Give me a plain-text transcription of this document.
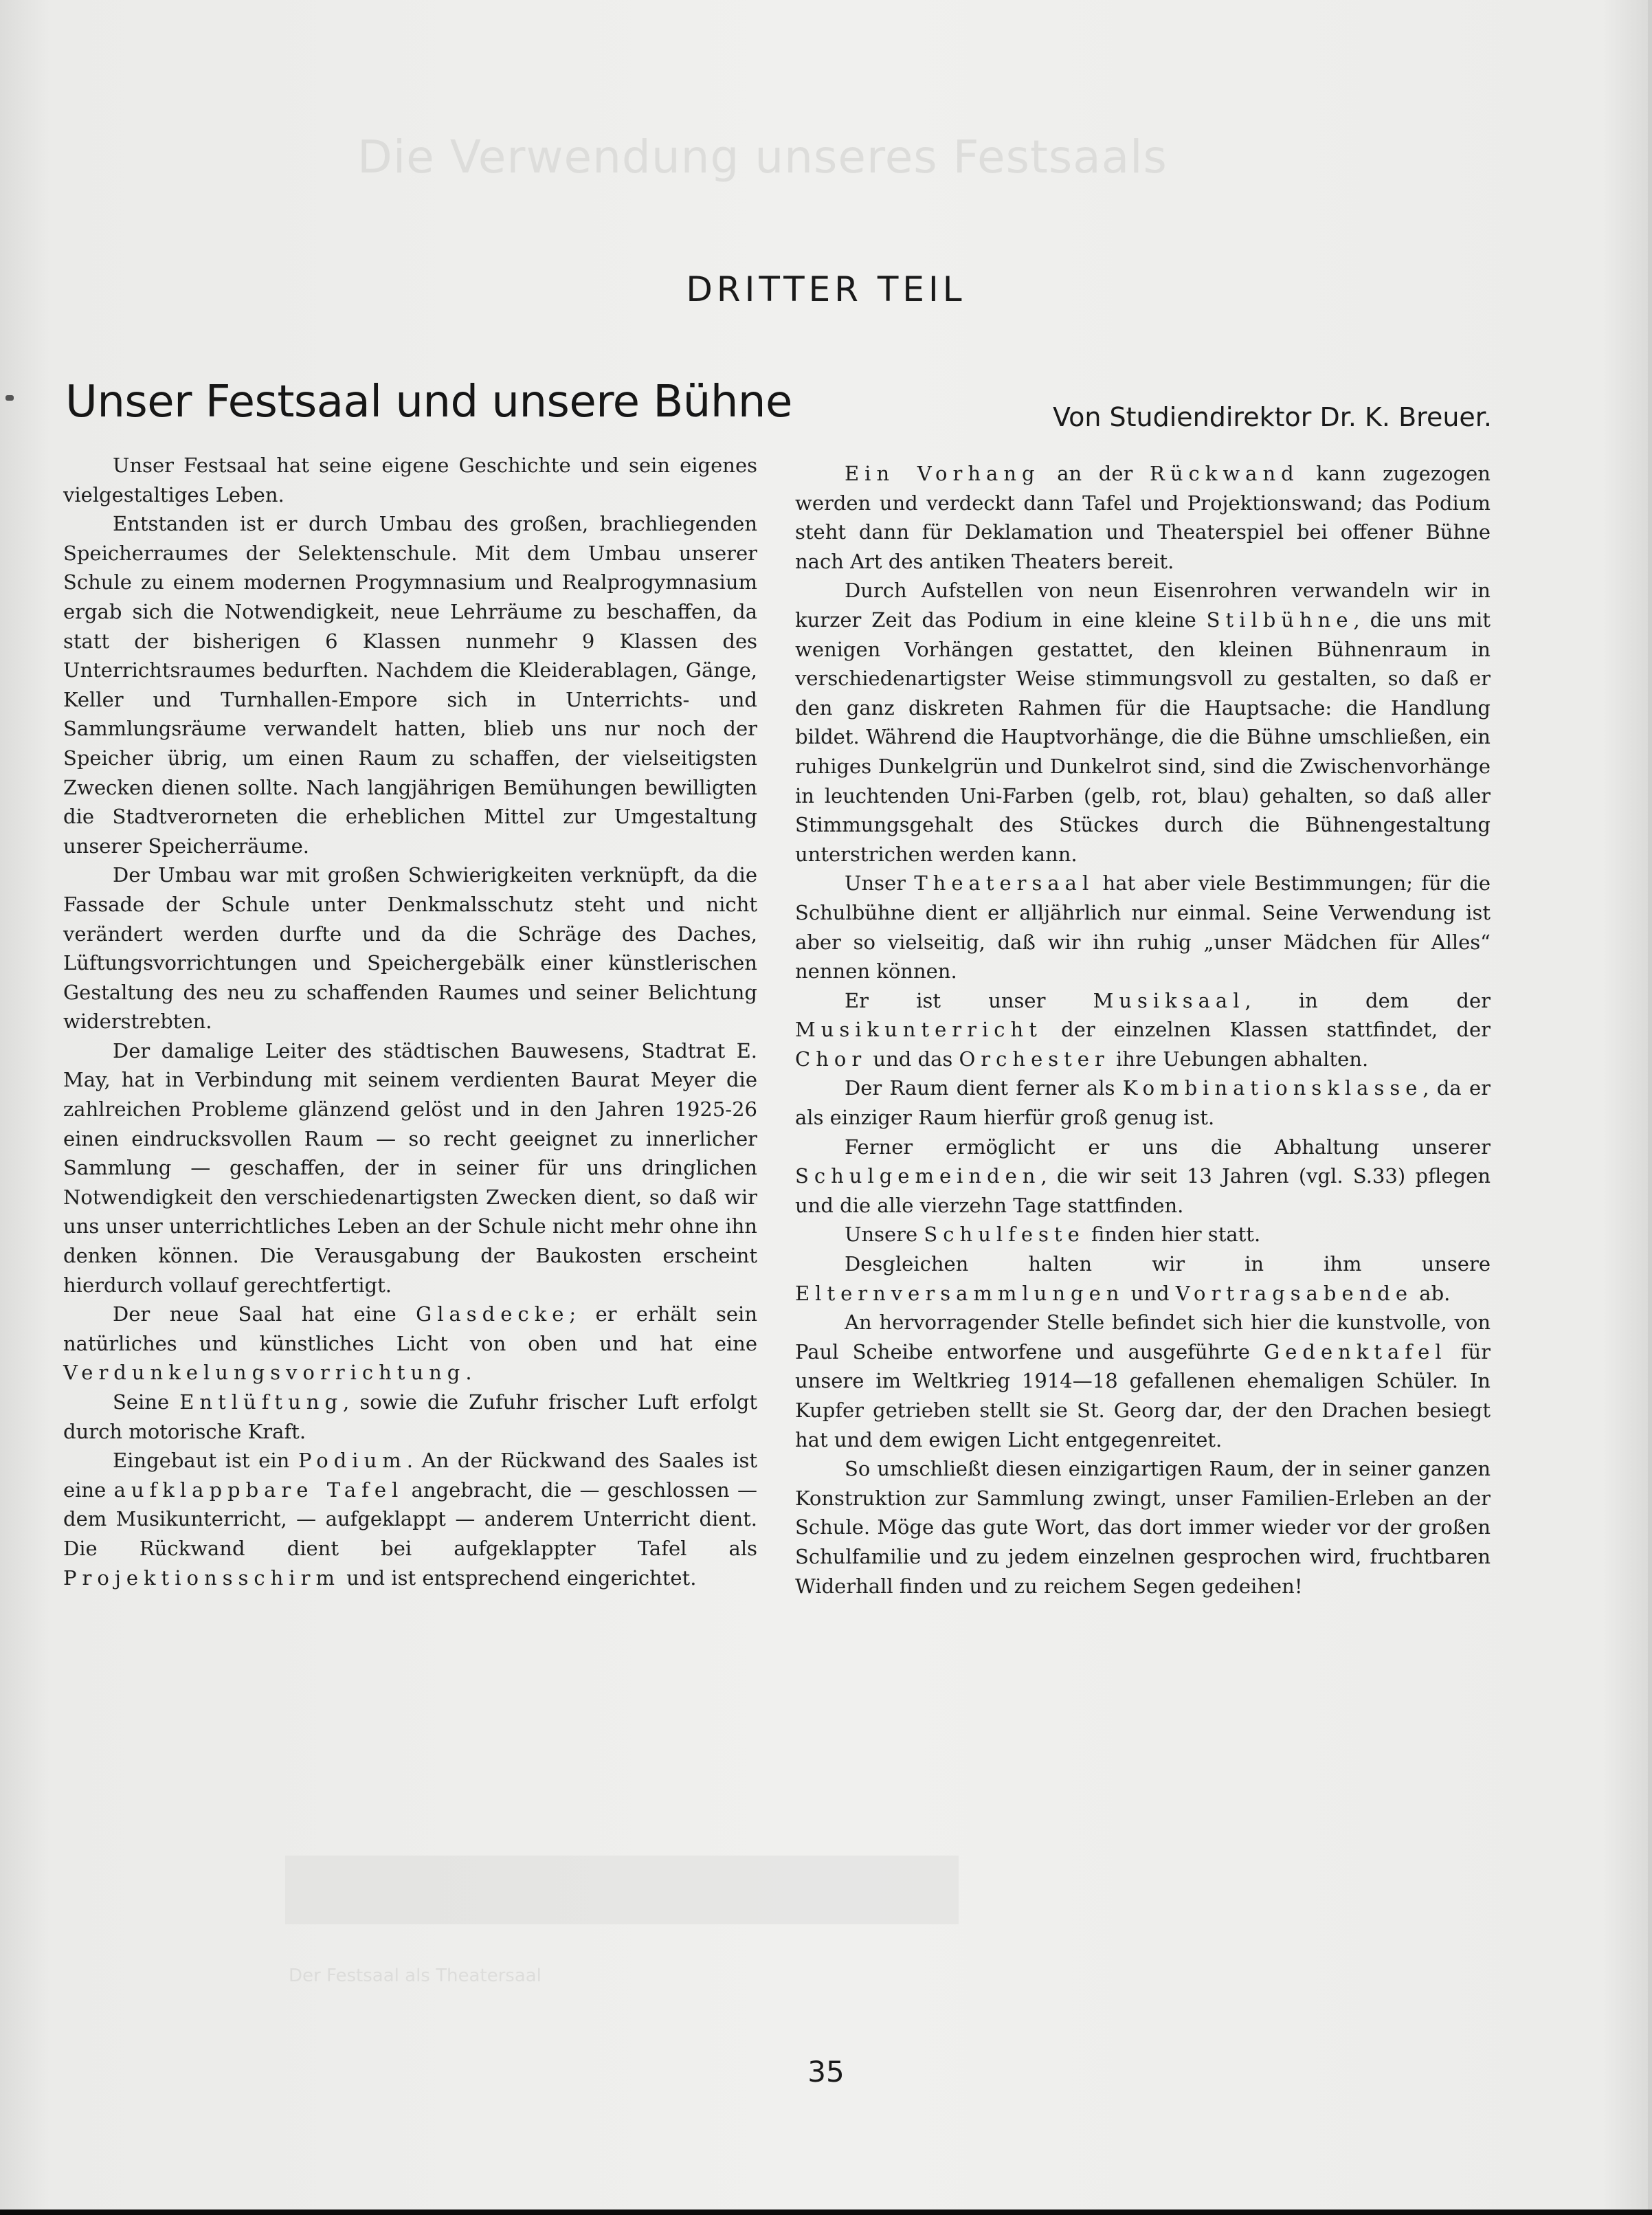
Die Verwendung unseres Festsaals
Der Festsaal als Theatersaal
DRITTER TEIL
Unser Festsaal und unsere Bühne	Von Studiendirektor Dr. K. Breuer.

Unser Festsaal hat seine eigene Geschichte und sein eigenes vielgestaltiges Leben.

Entstanden ist er durch Umbau des großen, brachliegenden Speicherraumes der Selektenschule. Mit dem Umbau unserer Schule zu einem modernen Progymnasium und Realprogymnasium ergab sich die Notwendigkeit, neue Lehrräume zu beschaffen, da statt der bisherigen 6 Klassen nunmehr 9 Klassen des Unterrichtsraumes bedurften. Nachdem die Kleiderablagen, Gänge, Keller und Turnhallen-Empore sich in Unterrichts- und Sammlungsräume verwandelt hatten, blieb uns nur noch der Speicher übrig, um einen Raum zu schaffen, der vielseitigsten Zwecken dienen sollte. Nach langjährigen Bemühungen bewilligten die Stadtverorneten die erheblichen Mittel zur Umgestaltung unserer Speicherräume.

Der Umbau war mit großen Schwierigkeiten verknüpft, da die Fassade der Schule unter Denkmalsschutz steht und nicht verändert werden durfte und da die Schräge des Daches, Lüftungsvorrichtungen und Speichergebälk einer künstlerischen Gestaltung des neu zu schaffenden Raumes und seiner Belichtung widerstrebten.

Der damalige Leiter des städtischen Bauwesens, Stadtrat E. May, hat in Verbindung mit seinem verdienten Baurat Meyer die zahlreichen Probleme glänzend gelöst und in den Jahren 1925-26 einen eindrucksvollen Raum — so recht geeignet zu innerlicher Sammlung — geschaffen, der in seiner für uns dringlichen Notwendigkeit den verschiedenartigsten Zwecken dient, so daß wir uns unser unterrichtliches Leben an der Schule nicht mehr ohne ihn denken können. Die Verausgabung der Baukosten erscheint hierdurch vollauf gerechtfertigt.

Der neue Saal hat eine Glasdecke; er erhält sein natürliches und künstliches Licht von oben und hat eine Verdunkelungsvorrichtung.

Seine Entlüftung, sowie die Zufuhr frischer Luft erfolgt durch motorische Kraft.

Eingebaut ist ein Podium. An der Rückwand des Saales ist eine aufklappbare Tafel angebracht, die — geschlossen — dem Musikunterricht, — aufgeklappt — anderem Unterricht dient. Die Rückwand dient bei aufgeklappter Tafel als Projektionsschirm und ist entsprechend eingerichtet.

Ein Vorhang an der Rückwand kann zugezogen werden und verdeckt dann Tafel und Projektionswand; das Podium steht dann für Deklamation und Theaterspiel bei offener Bühne nach Art des antiken Theaters bereit.

Durch Aufstellen von neun Eisenrohren verwandeln wir in kurzer Zeit das Podium in eine kleine Stilbühne, die uns mit wenigen Vorhängen gestattet, den kleinen Bühnenraum in verschiedenartigster Weise stimmungsvoll zu gestalten, so daß er den ganz diskreten Rahmen für die Hauptsache: die Handlung bildet. Während die Hauptvorhänge, die die Bühne umschließen, ein ruhiges Dunkelgrün und Dunkelrot sind, sind die Zwischenvorhänge in leuchtenden Uni-Farben (gelb, rot, blau) gehalten, so daß aller Stimmungsgehalt des Stückes durch die Bühnengestaltung unterstrichen werden kann.

Unser Theatersaal hat aber viele Bestimmungen; für die Schulbühne dient er alljährlich nur einmal. Seine Verwendung ist aber so vielseitig, daß wir ihn ruhig „unser Mädchen für Alles“ nennen können.

Er ist unser Musiksaal, in dem der Musikunterricht der einzelnen Klassen stattfindet, der Chor und das Orchester ihre Uebungen abhalten.

Der Raum dient ferner als Kombinationsklasse, da er als einziger Raum hierfür groß genug ist.

Ferner ermöglicht er uns die Abhaltung unserer Schulgemeinden, die wir seit 13 Jahren (vgl. S.33) pflegen und die alle vierzehn Tage stattfinden.

Unsere Schulfeste finden hier statt.

Desgleichen halten wir in ihm unsere Elternversammlungen und Vortragsabende ab.

An hervorragender Stelle befindet sich hier die kunstvolle, von Paul Scheibe entworfene und ausgeführte Gedenktafel für unsere im Weltkrieg 1914—18 gefallenen ehemaligen Schüler. In Kupfer getrieben stellt sie St. Georg dar, der den Drachen besiegt hat und dem ewigen Licht entgegenreitet.

So umschließt diesen einzigartigen Raum, der in seiner ganzen Konstruktion zur Sammlung zwingt, unser Familien-Erleben an der Schule. Möge das gute Wort, das dort immer wieder vor der großen Schulfamilie und zu jedem einzelnen gesprochen wird, fruchtbaren Widerhall finden und zu reichem Segen gedeihen!

35
